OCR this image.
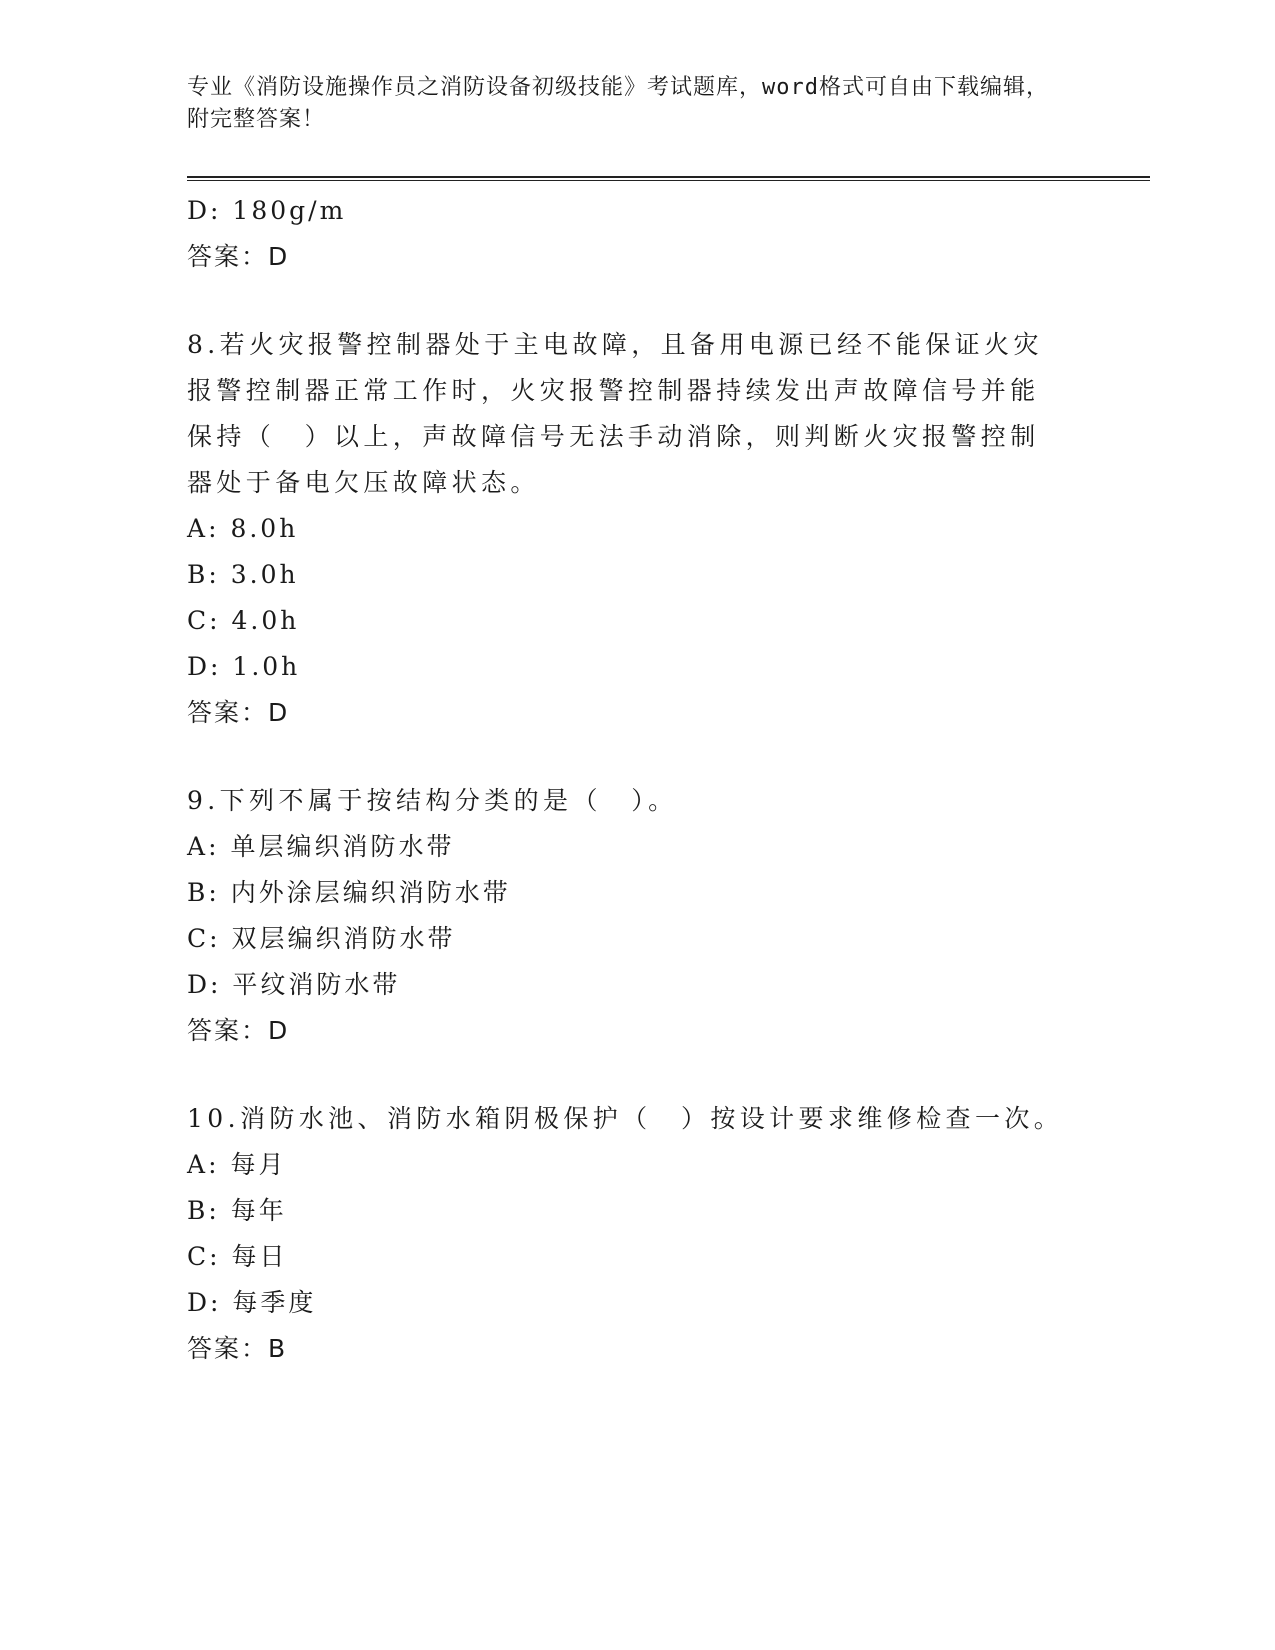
专业《消防设施操作员之消防设备初级技能》考试题库，word格式可自由下载编辑，附完整答案！
D: 180g/m
答案：D
8.若火灾报警控制器处于主电故障，且备用电源已经不能保证火灾报警控制器正常工作时，火灾报警控制器持续发出声故障信号并能保持（　）以上，声故障信号无法手动消除，则判断火灾报警控制器处于备电欠压故障状态。
A: 8.0h
B: 3.0h
C: 4.0h
D: 1.0h
答案：D
9.下列不属于按结构分类的是（　）。
A: 单层编织消防水带
B: 内外涂层编织消防水带
C: 双层编织消防水带
D: 平纹消防水带
答案：D
10.消防水池、消防水箱阴极保护（　）按设计要求维修检查一次。
A: 每月
B: 每年
C: 每日
D: 每季度
答案：B
